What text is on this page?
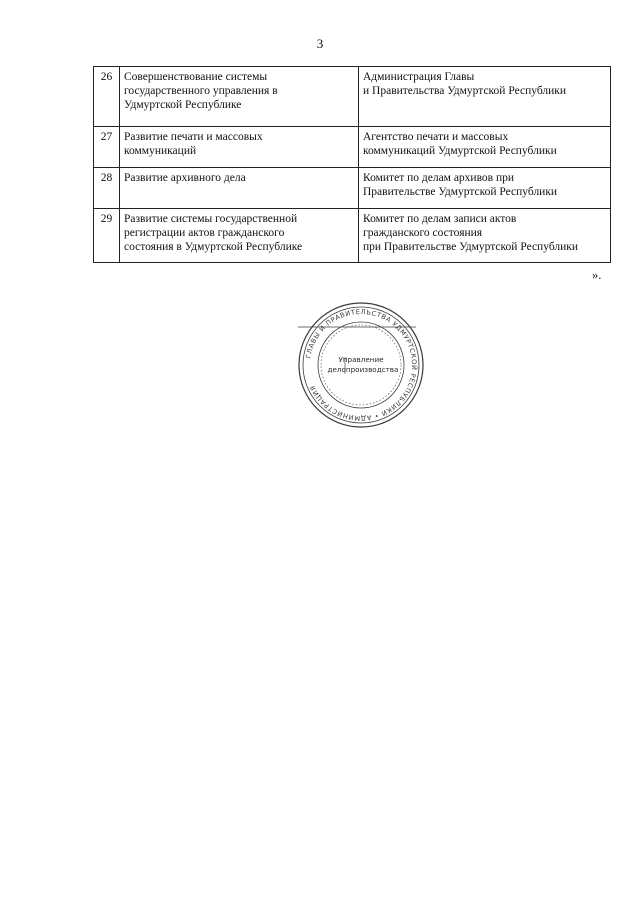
3
26	Совершенствование системы
государственного управления в
Удмуртской Республике	Администрация Главы
и Правительства Удмуртской Республики

27	Развитие печати и массовых
коммуникаций	Агентство печати и массовых
коммуникаций Удмуртской Республики

28	Развитие архивного дела	Комитет по делам архивов при
Правительстве Удмуртской Республики

29	Развитие системы государственной
регистрации актов гражданского
состояния в Удмуртской Республике	Комитет по делам записи актов
гражданского состояния
при Правительстве Удмуртской Республики
».
ГЛАВЫ И ПРАВИТЕЛЬСТВА УДМУРТСКОЙ РЕСПУБЛИКИ • АДМИНИСТРАЦИЯ
Управление
делопроизводства
